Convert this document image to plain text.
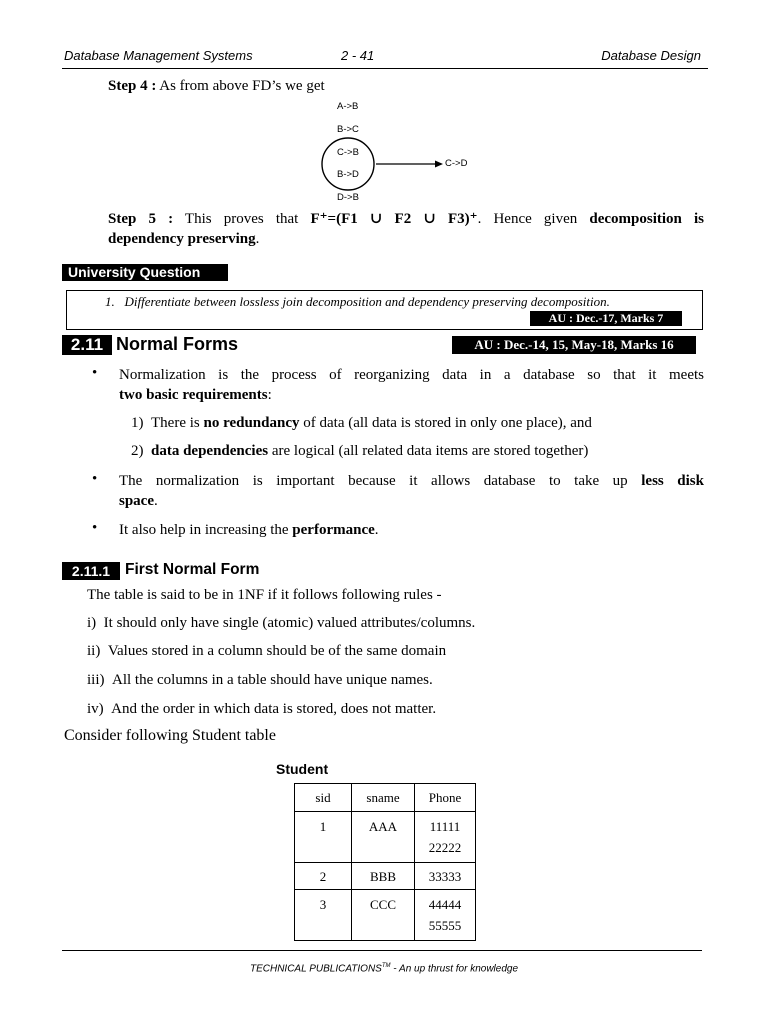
Database Management Systems	2 - 41	Database Design
Step 4 : As from above FD’s we get
A->B
B->C
C->B
B->D
D->B
C->D
Step 5 : This proves that F⁺=(F1 ∪ F2 ∪ F3)⁺. Hence given decomposition is
dependency preserving.
University Question
1. Differentiate between lossless join decomposition and dependency preserving decomposition.
AU : Dec.-17, Marks 7
2.11 Normal Forms	AU : Dec.-14, 15, May-18, Marks 16
• Normalization is the process of reorganizing data in a database so that it meets
two basic requirements:
1) There is no redundancy of data (all data is stored in only one place), and
2) data dependencies are logical (all related data items are stored together)
• The normalization is important because it allows database to take up less disk
space.
• It also help in increasing the performance.
2.11.1 First Normal Form
The table is said to be in 1NF if it follows following rules -
i) It should only have single (atomic) valued attributes/columns.
ii) Values stored in a column should be of the same domain
iii) All the columns in a table should have unique names.
iv) And the order in which data is stored, does not matter.
Consider following Student table
Student
sid	sname	Phone
1	AAA	11111
22222

2	BBB	33333
3	CCC	44444
55555
TECHNICAL PUBLICATIONS™ - An up thrust for knowledge
